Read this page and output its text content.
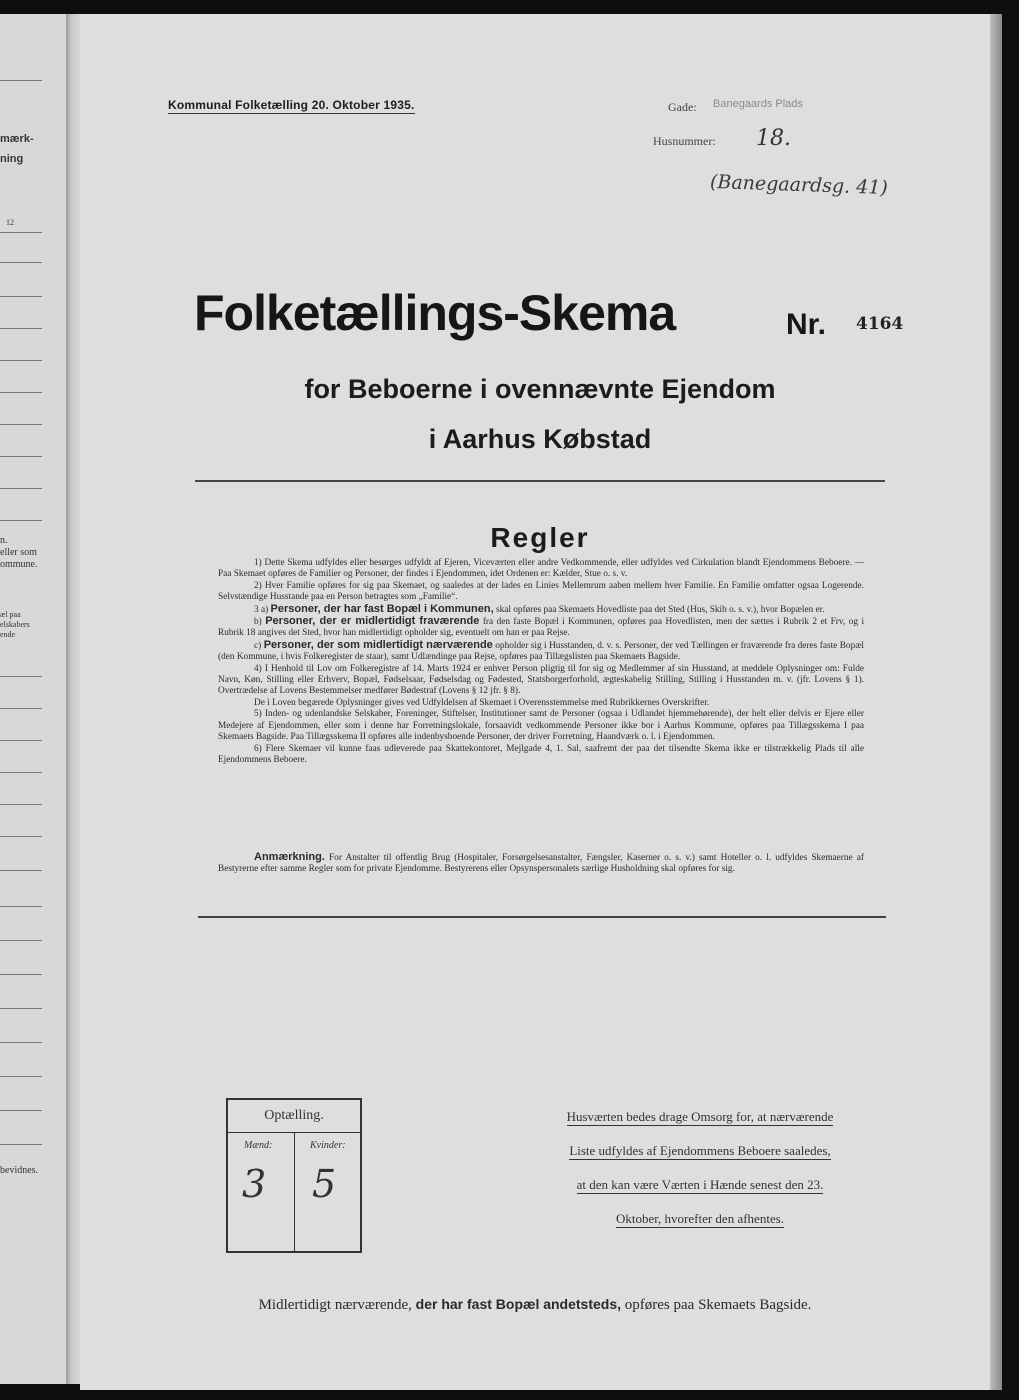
mærk-
ning
12
n.
eller som
ommune.
æl paa
elskabers
ende
bevidnes.
Kommunal Folketælling 20. Oktober 1935.	Gade: Banegaards Plads
Husnummer: 18.
(Banegaardsg. 41)
Folketællings-Skema	Nr. 4164
for Beboerne i ovennævnte Ejendom
i Aarhus Købstad
Regler

1) Dette Skema udfyldes eller besørges udfyldt af Ejeren, Viceværten eller andre Vedkommende, eller udfyldes ved Cirkulation blandt Ejendommens Beboere. — Paa Skemaet opføres de Familier og Personer, der findes i Ejendommen, idet Ordenen er: Kælder, Stue o. s. v.

2) Hver Familie opføres for sig paa Skemaet, og saaledes at der lades en Linies Mellemrum aaben mellem hver Familie. En Familie omfatter ogsaa Logerende. Selvstændige Husstande paa en Person betragtes som „Familie“.

3 a) Personer, der har fast Bopæl i Kommunen, skal opføres paa Skemaets Hovedliste paa det Sted (Hus, Skib o. s. v.), hvor Bopælen er.

b) Personer, der er midlertidigt fraværende fra den faste Bopæl i Kommunen, opføres paa Hovedlisten, men der sættes i Rubrik 2 et Frv, og i Rubrik 18 angives det Sted, hvor han midlertidigt opholder sig, eventuelt om han er paa Rejse.

c) Personer, der som midlertidigt nærværende opholder sig i Husstanden, d. v. s. Personer, der ved Tællingen er fraværende fra deres faste Bopæl (den Kommune, i hvis Folkeregister de staar), samt Udlændinge paa Rejse, opføres paa Tillægslisten paa Skemaets Bagside.

4) I Henhold til Lov om Folkeregistre af 14. Marts 1924 er enhver Person pligtig til for sig og Medlemmer af sin Husstand, at meddele Oplysninger om: Fulde Navn, Køn, Stilling eller Erhverv, Bopæl, Fødselsaar, Fødselsdag og Fødested, Statsborgerforhold, ægteskabelig Stilling, Stilling i Husstanden m. v. (jfr. Lovens § 1). Overtrædelse af Lovens Bestemmelser medfører Bødestraf (Lovens § 12 jfr. § 8).

De i Loven begærede Oplysninger gives ved Udfyldelsen af Skemaet i Overensstemmelse med Rubrikkernes Overskrifter.

5) Inden- og udenlandske Selskaber, Foreninger, Stiftelser, Institutioner samt de Personer (ogsaa i Udlandet hjemmehørende), der helt eller delvis er Ejere eller Medejere af Ejendommen, eller som i denne har Forretningslokale, forsaavidt vedkommende Personer ikke bor i Aarhus Kommune, opføres paa Tillægsskema I paa Skemaets Bagside. Paa Tillægsskema II opføres alle indenbysboende Personer, der driver Forretning, Haandværk o. l. i Ejendommen.

6) Flere Skemaer vil kunne faas udleverede paa Skattekontoret, Mejlgade 4, 1. Sal, saafremt der paa det tilsendte Skema ikke er tilstrækkelig Plads til alle Ejendommens Beboere.

Anmærkning. For Anstalter til offentlig Brug (Hospitaler, Forsørgelsesanstalter, Fængsler, Kaserner o. s. v.) samt Hoteller o. l. udfyldes Skemaerne af Bestyrerne efter samme Regler som for private Ejendomme. Bestyrerens eller Opsynspersonalets særlige Husholdning skal opføres for sig.
Optælling.
Mænd:	Kvinder:
3 5
Husværten bedes drage Omsorg for, at nærværende
Liste udfyldes af Ejendommens Beboere saaledes,
at den kan være Værten i Hænde senest den 23.
Oktober, hvorefter den afhentes.
Midlertidigt nærværende, der har fast Bopæl andetsteds, opføres paa Skemaets Bagside.
